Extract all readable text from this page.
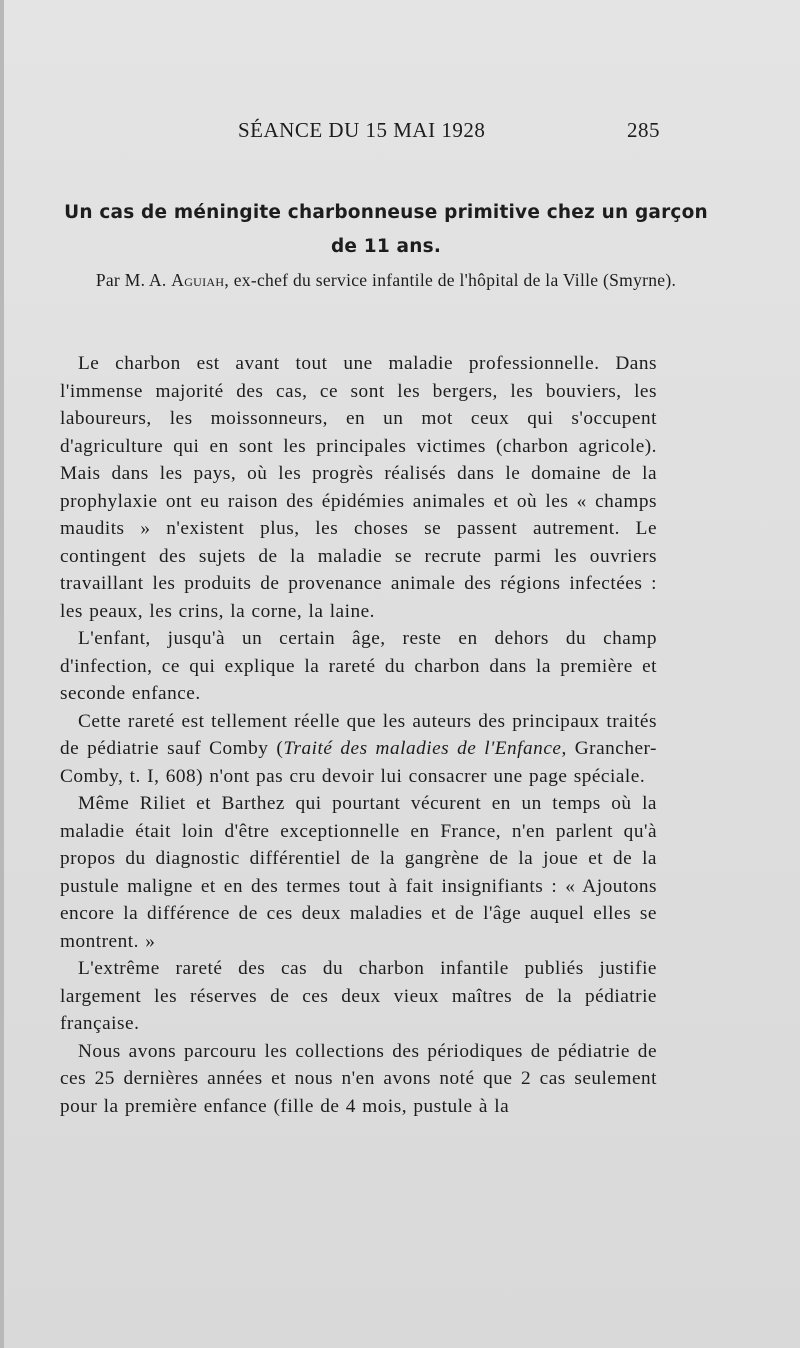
SÉANCE DU 15 MAI 1928	285
Un cas de méningite charbonneuse primitive chez un garçon de 11 ans.
Par M. A. Aguiah, ex-chef du service infantile de l'hôpital de la Ville (Smyrne).

Le charbon est avant tout une maladie professionnelle. Dans l'immense majorité des cas, ce sont les bergers, les bouviers, les laboureurs, les moissonneurs, en un mot ceux qui s'occupent d'agriculture qui en sont les principales victimes (charbon agricole). Mais dans les pays, où les progrès réalisés dans le domaine de la prophylaxie ont eu raison des épidémies animales et où les « champs maudits » n'existent plus, les choses se passent autrement. Le contingent des sujets de la maladie se recrute parmi les ouvriers travaillant les produits de provenance animale des régions infectées : les peaux, les crins, la corne, la laine.

L'enfant, jusqu'à un certain âge, reste en dehors du champ d'infection, ce qui explique la rareté du charbon dans la première et seconde enfance.

Cette rareté est tellement réelle que les auteurs des principaux traités de pédiatrie sauf Comby (Traité des maladies de l'Enfance, Grancher-Comby, t. I, 608) n'ont pas cru devoir lui consacrer une page spéciale.

Même Riliet et Barthez qui pourtant vécurent en un temps où la maladie était loin d'être exceptionnelle en France, n'en parlent qu'à propos du diagnostic différentiel de la gangrène de la joue et de la pustule maligne et en des termes tout à fait insignifiants : « Ajoutons encore la différence de ces deux maladies et de l'âge auquel elles se montrent. »

L'extrême rareté des cas du charbon infantile publiés justifie largement les réserves de ces deux vieux maîtres de la pédiatrie française.

Nous avons parcouru les collections des périodiques de pédiatrie de ces 25 dernières années et nous n'en avons noté que 2 cas seulement pour la première enfance (fille de 4 mois, pustule à la
